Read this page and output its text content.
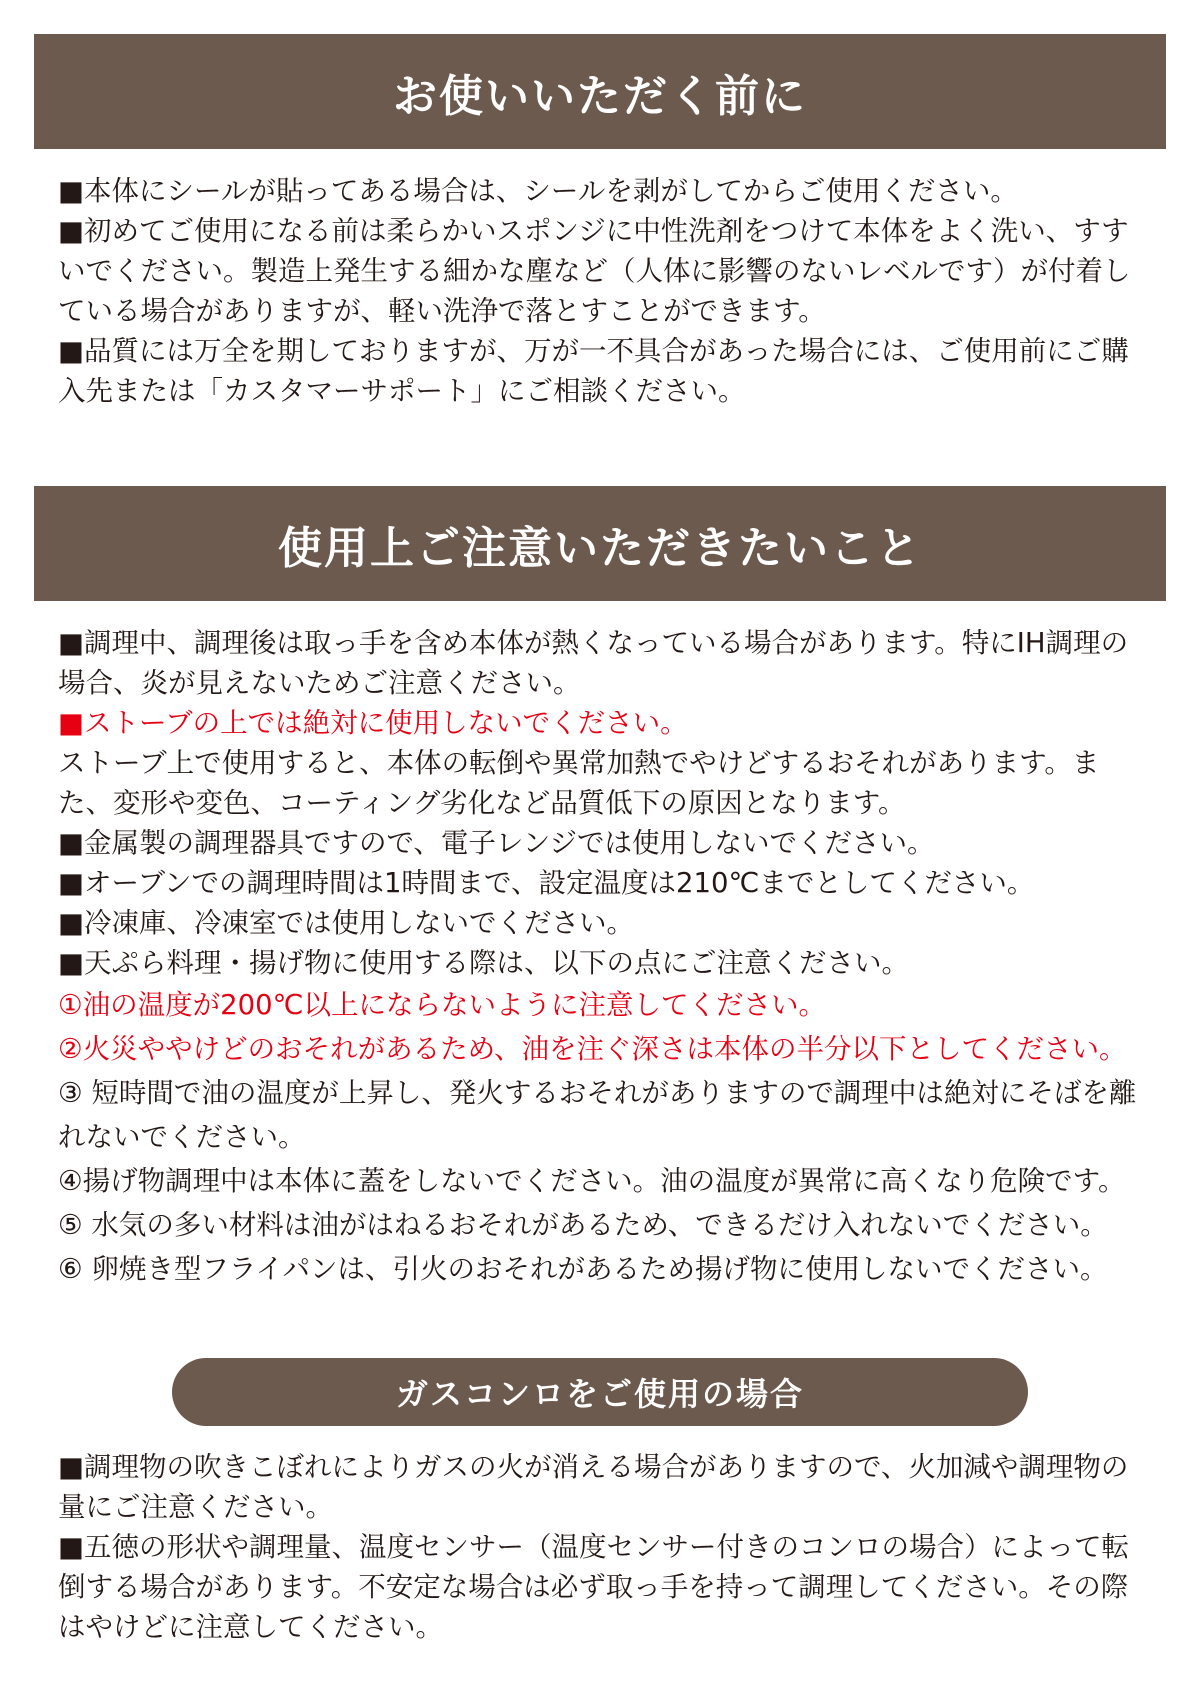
お使いいただく前に

■本体にシールが貼ってある場合は、シールを剥がしてからご使用ください。

■初めてご使用になる前は柔らかいスポンジに中性洗剤をつけて本体をよく洗い、すすいでください。製造上発生する細かな塵など（人体に影響のないレベルです）が付着している場合がありますが、軽い洗浄で落とすことができます。

■品質には万全を期しておりますが、万が一不具合があった場合には、ご使用前にご購入先または「カスタマーサポート」にご相談ください。

使用上ご注意いただきたいこと

■調理中、調理後は取っ手を含め本体が熱くなっている場合があります。特にIH調理の場合、炎が見えないためご注意ください。

■ストーブの上では絶対に使用しないでください。

ストーブ上で使用すると、本体の転倒や異常加熱でやけどするおそれがあります。また、変形や変色、コーティング劣化など品質低下の原因となります。

■金属製の調理器具ですので、電子レンジでは使用しないでください。

■オーブンでの調理時間は1時間まで、設定温度は210℃までとしてください。

■冷凍庫、冷凍室では使用しないでください。

■天ぷら料理・揚げ物に使用する際は、以下の点にご注意ください。

①油の温度が200℃以上にならないように注意してください。

②火災ややけどのおそれがあるため、油を注ぐ深さは本体の半分以下としてください。

③ 短時間で油の温度が上昇し、発火するおそれがありますので調理中は絶対にそばを離れないでください。

④揚げ物調理中は本体に蓋をしないでください。油の温度が異常に高くなり危険です。

⑤ 水気の多い材料は油がはねるおそれがあるため、できるだけ入れないでください。

⑥ 卵焼き型フライパンは、引火のおそれがあるため揚げ物に使用しないでください。

ガスコンロをご使用の場合

■調理物の吹きこぼれによりガスの火が消える場合がありますので、火加減や調理物の量にご注意ください。

■五徳の形状や調理量、温度センサー（温度センサー付きのコンロの場合）によって転倒する場合があります。不安定な場合は必ず取っ手を持って調理してください。その際はやけどに注意してください。
